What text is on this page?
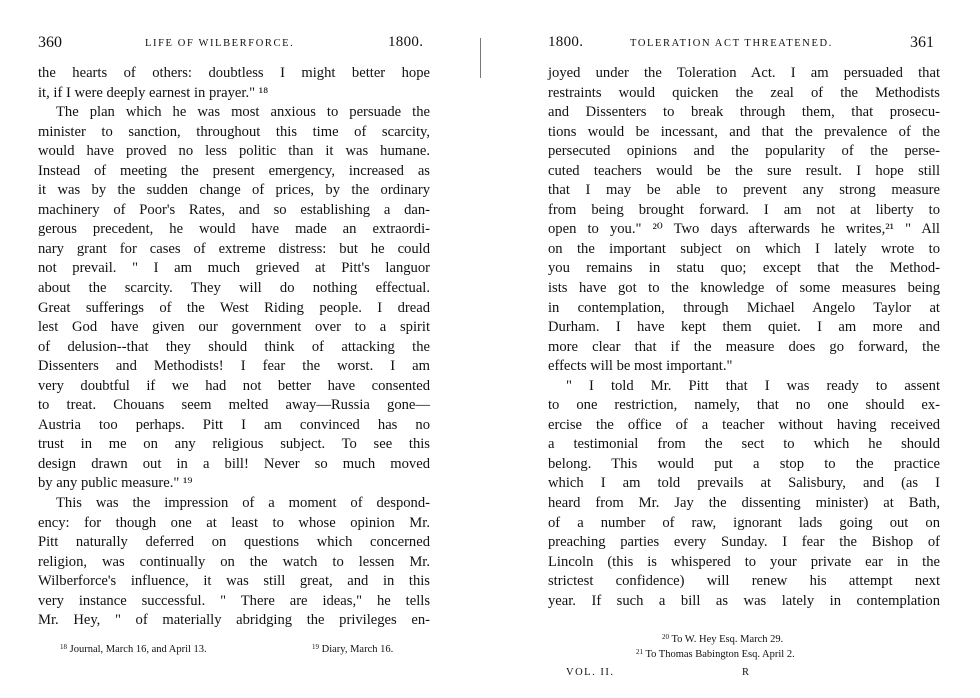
360	LIFE OF WILBERFORCE.	1800.
the hearts of others: doubtless I might better hope
it, if I were deeply earnest in prayer." ¹⁸
The plan which he was most anxious to persuade the
minister to sanction, throughout this time of scarcity,
would have proved no less politic than it was humane.
Instead of meeting the present emergency, increased as
it was by the sudden change of prices, by the ordinary
machinery of Poor's Rates, and so establishing a dan-
gerous precedent, he would have made an extraordi-
nary grant for cases of extreme distress: but he could
not prevail. " I am much grieved at Pitt's languor
about the scarcity. They will do nothing effectual.
Great sufferings of the West Riding people. I dread
lest God have given our government over to a spirit
of delusion--that they should think of attacking the
Dissenters and Methodists! I fear the worst. I am
very doubtful if we had not better have consented
to treat. Chouans seem melted away—Russia gone—
Austria too perhaps. Pitt I am convinced has no
trust in me on any religious subject. To see this
design drawn out in a bill! Never so much moved
by any public measure." ¹⁹
This was the impression of a moment of despond-
ency: for though one at least to whose opinion Mr.
Pitt naturally deferred on questions which concerned
religion, was continually on the watch to lessen Mr.
Wilberforce's influence, it was still great, and in this
very instance successful. " There are ideas," he tells
Mr. Hey, " of materially abridging the privileges en-
$^{18}$ Journal, March 16, and April 13.	$^{19}$ Diary, March 16.
1800.	TOLERATION ACT THREATENED.	361
joyed under the Toleration Act. I am persuaded that
restraints would quicken the zeal of the Methodists
and Dissenters to break through them, that prosecu-
tions would be incessant, and that the prevalence of the
persecuted opinions and the popularity of the perse-
cuted teachers would be the sure result. I hope still
that I may be able to prevent any strong measure
from being brought forward. I am not at liberty to
open to you." ²⁰ Two days afterwards he writes,²¹ " All
on the important subject on which I lately wrote to
you remains in statu quo; except that the Method-
ists have got to the knowledge of some measures being
in contemplation, through Michael Angelo Taylor at
Durham. I have kept them quiet. I am more and
more clear that if the measure does go forward, the
effects will be most important."
" I told Mr. Pitt that I was ready to assent
to one restriction, namely, that no one should ex-
ercise the office of a teacher without having received
a testimonial from the sect to which he should
belong. This would put a stop to the practice
which I am told prevails at Salisbury, and (as I
heard from Mr. Jay the dissenting minister) at Bath,
of a number of raw, ignorant lads going out on
preaching parties every Sunday. I fear the Bishop of
Lincoln (this is whispered to your private ear in the
strictest confidence) will renew his attempt next
year. If such a bill as was lately in contemplation
$^{20}$ To W. Hey Esq. March 29.
$^{21}$ To Thomas Babington Esq. April 2.
VOL. II.	R
